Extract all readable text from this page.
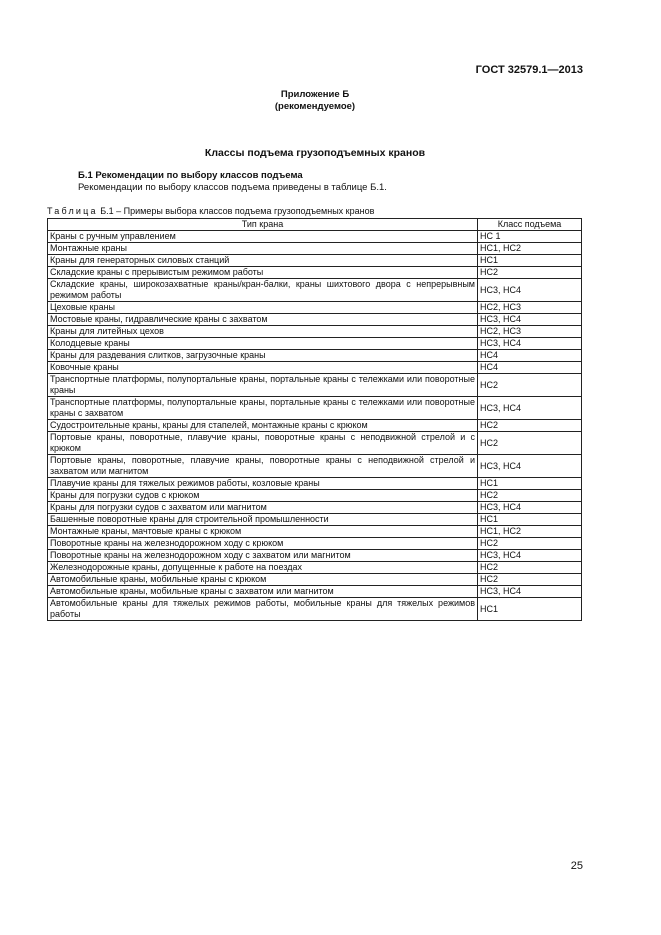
ГОСТ 32579.1—2013
Приложение Б
(рекомендуемое)
Классы подъема грузоподъемных кранов
Б.1 Рекомендации по выбору классов подъема
Рекомендации по выбору классов подъема приведены в таблице Б.1.
Таблица Б.1 – Примеры выбора классов подъема грузоподъемных кранов
Тип крана	Класс подъема
Краны с ручным управлением	HC 1
Монтажные краны	HC1, HC2
Краны для генераторных силовых станций	HC1
Складские краны с прерывистым режимом работы	HC2
Складские краны, широкозахватные краны/кран-балки, краны шихтового двора с непрерывным режимом работы	HC3, HC4
Цеховые краны	HC2, HC3
Мостовые краны, гидравлические краны с захватом	HC3, HC4
Краны для литейных цехов	HC2, HC3
Колодцевые краны	HC3, HC4
Краны для раздевания слитков, загрузочные краны	HC4
Ковочные краны	HC4
Транспортные платформы, полупортальные краны, портальные краны с тележками или поворотные краны	HC2
Транспортные платформы, полупортальные краны, портальные краны с тележками или поворотные краны с захватом	HC3, HC4
Судостроительные краны, краны для стапелей, монтажные краны с крюком	HC2
Портовые краны, поворотные, плавучие краны, поворотные краны с неподвижной стрелой и с крюком	HC2
Портовые краны, поворотные, плавучие краны, поворотные краны с неподвижной стрелой и захватом или магнитом	HC3, HC4
Плавучие краны для тяжелых режимов работы, козловые краны	HC1
Краны для погрузки судов с крюком	HC2
Краны для погрузки судов с захватом или магнитом	HC3, HC4
Башенные поворотные краны для строительной промышленности	HC1
Монтажные краны, мачтовые краны с крюком	HC1, HC2
Поворотные краны на железнодорожном ходу с крюком	HC2
Поворотные краны на железнодорожном ходу с захватом или магнитом	HC3, HC4
Железнодорожные краны, допущенные к работе на поездах	HC2
Автомобильные краны, мобильные краны с крюком	HC2
Автомобильные краны, мобильные краны с захватом или магнитом	HC3, HC4
Автомобильные краны для тяжелых режимов работы, мобильные краны для тяжелых режимов работы	HC1
25
